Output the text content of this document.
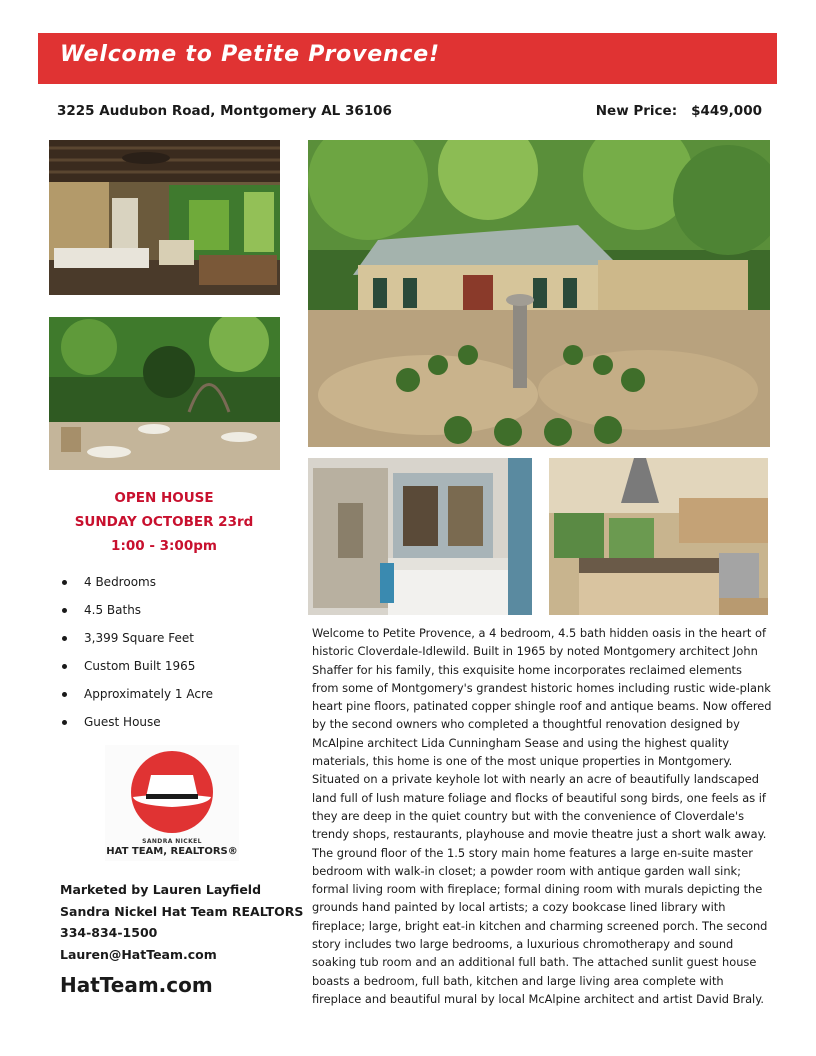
Welcome to Petite Provence!
3225 Audubon Road, Montgomery AL 36106	New Price: $449,000
OPEN HOUSE
SUNDAY OCTOBER 23rd
1:00 - 3:00pm
4 Bedrooms
4.5 Baths
3,399 Square Feet
Custom Built 1965
Approximately 1 Acre
Guest House
SANDRA NICKEL
HAT TEAM, REALTORS®
Marketed by Lauren Layfield
Sandra Nickel Hat Team REALTORS
334-834-1500
Lauren@HatTeam.com
HatTeam.com
Welcome to Petite Provence, a 4 bedroom, 4.5 bath hidden oasis in the heart of historic Cloverdale-Idlewild. Built in 1965 by noted Montgomery architect John Shaffer for his family, this exquisite home incorporates reclaimed elements from some of Montgomery's grandest historic homes including rustic wide-plank heart pine floors, patinated copper shingle roof and antique beams. Now offered by the second owners who completed a thoughtful renovation designed by McAlpine architect Lida Cunningham Sease and using the highest quality materials, this home is one of the most unique properties in Montgomery. Situated on a private keyhole lot with nearly an acre of beautifully landscaped land full of lush mature foliage and flocks of beautiful song birds, one feels as if they are deep in the quiet country but with the convenience of Cloverdale's trendy shops, restaurants, playhouse and movie theatre just a short walk away. The ground floor of the 1.5 story main home features a large en-suite master bedroom with walk-in closet; a powder room with antique garden wall sink; formal living room with fireplace; formal dining room with murals depicting the grounds hand painted by local artists; a cozy bookcase lined library with fireplace; large, bright eat-in kitchen and charming screened porch. The second story includes two large bedrooms, a luxurious chromotherapy and sound soaking tub room and an additional full bath. The attached sunlit guest house boasts a bedroom, full bath, kitchen and large living area complete with fireplace and beautiful mural by local McAlpine architect and artist David Braly.
